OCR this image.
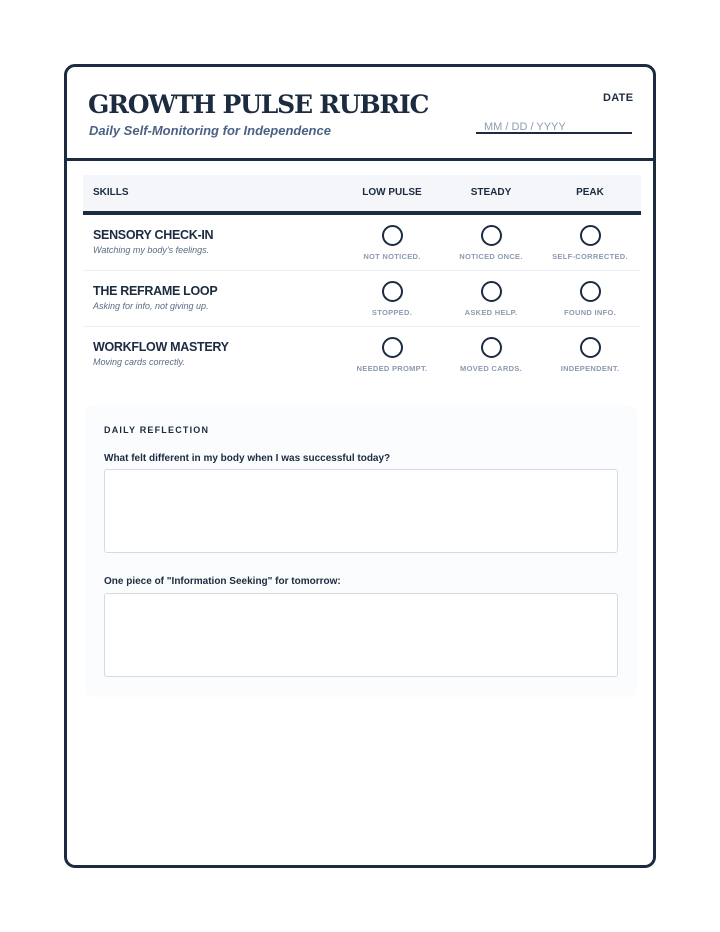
GROWTH PULSE RUBRIC
Daily Self-Monitoring for Independence
DATE
MM / DD / YYYY
SKILLS	LOW PULSE	STEADY	PEAK
SENSORY CHECK-IN
Watching my body's feelings.
NOT NOTICED.	NOTICED ONCE.	SELF-CORRECTED.
THE REFRAME LOOP
Asking for info, not giving up.
STOPPED.	ASKED HELP.	FOUND INFO.
WORKFLOW MASTERY
Moving cards correctly.
NEEDED PROMPT.	MOVED CARDS.	INDEPENDENT.
DAILY REFLECTION
What felt different in my body when I was successful today?
One piece of "Information Seeking" for tomorrow:
